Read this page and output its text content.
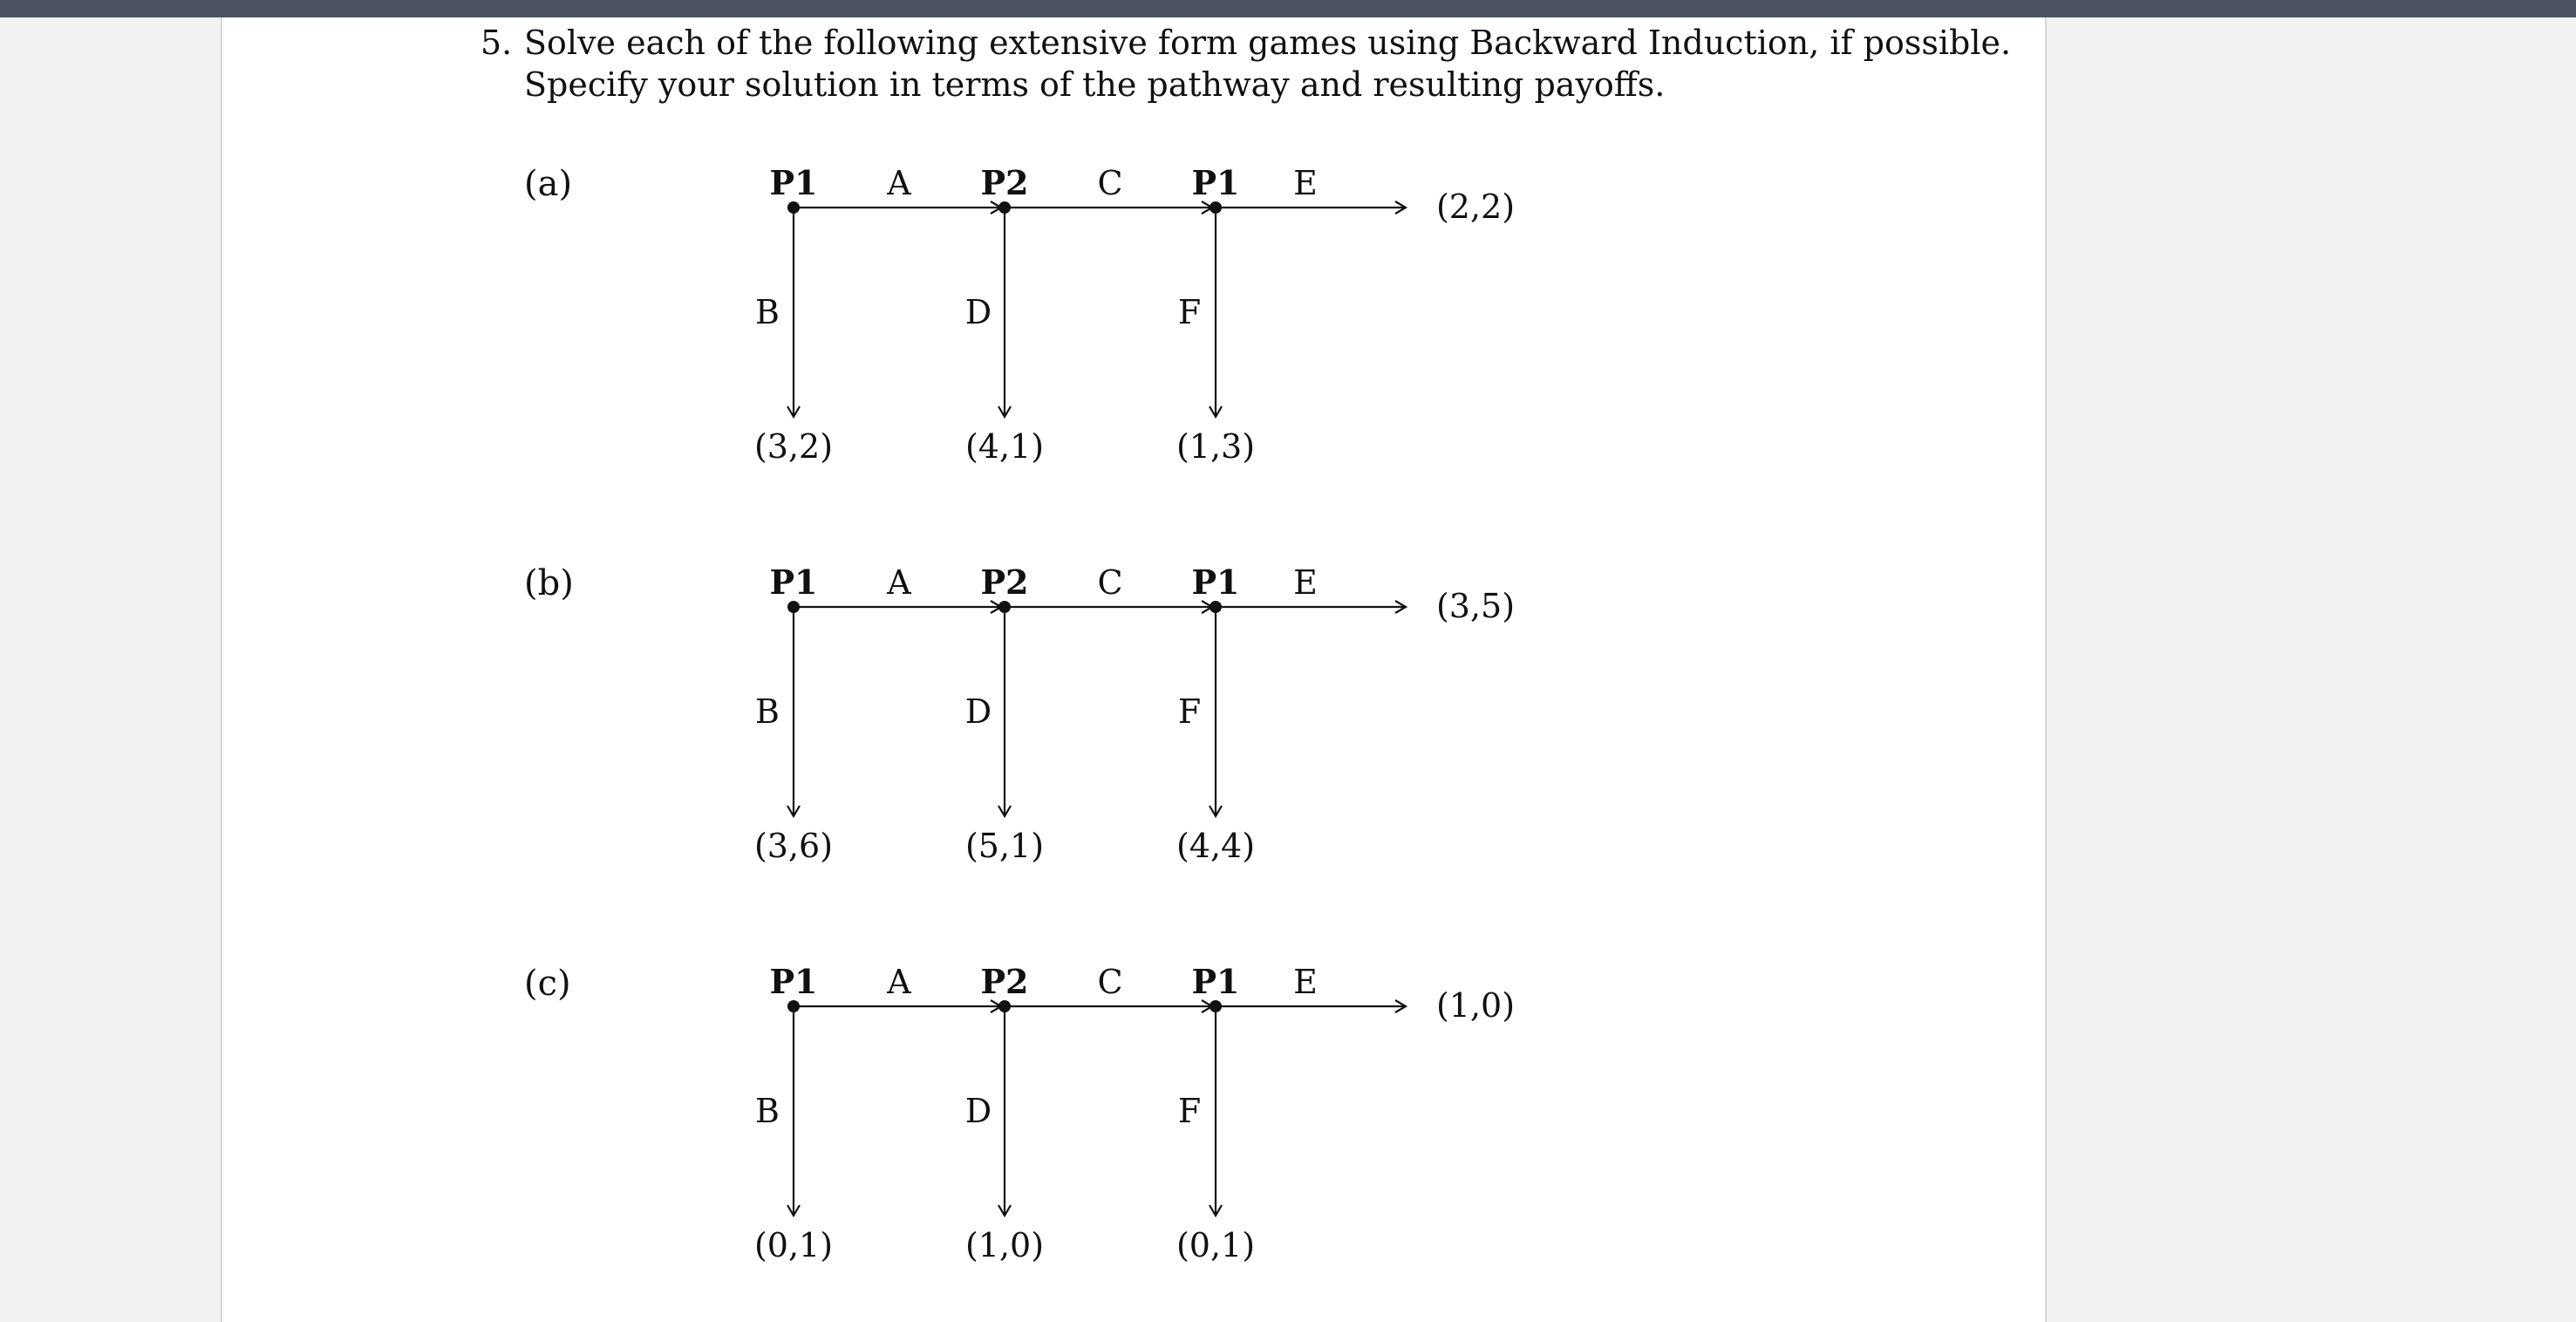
5. Solve each of the following extensive form games using Backward Induction, if possible.
Specify your solution in terms of the pathway and resulting payoffs.
(a)	A	C	E
B
(3,2)
D
(4,1)
F
(1,3)
P1	P2	P1
(2,2)
(b)	A	C	E
B
(3,6)
D
(5,1)
F
(4,4)
P1	P2	P1
(3,5)
(c)	A	C	E
B
(0,1)
D
(1,0)
F
(0,1)
P1	P2	P1
(1,0)
